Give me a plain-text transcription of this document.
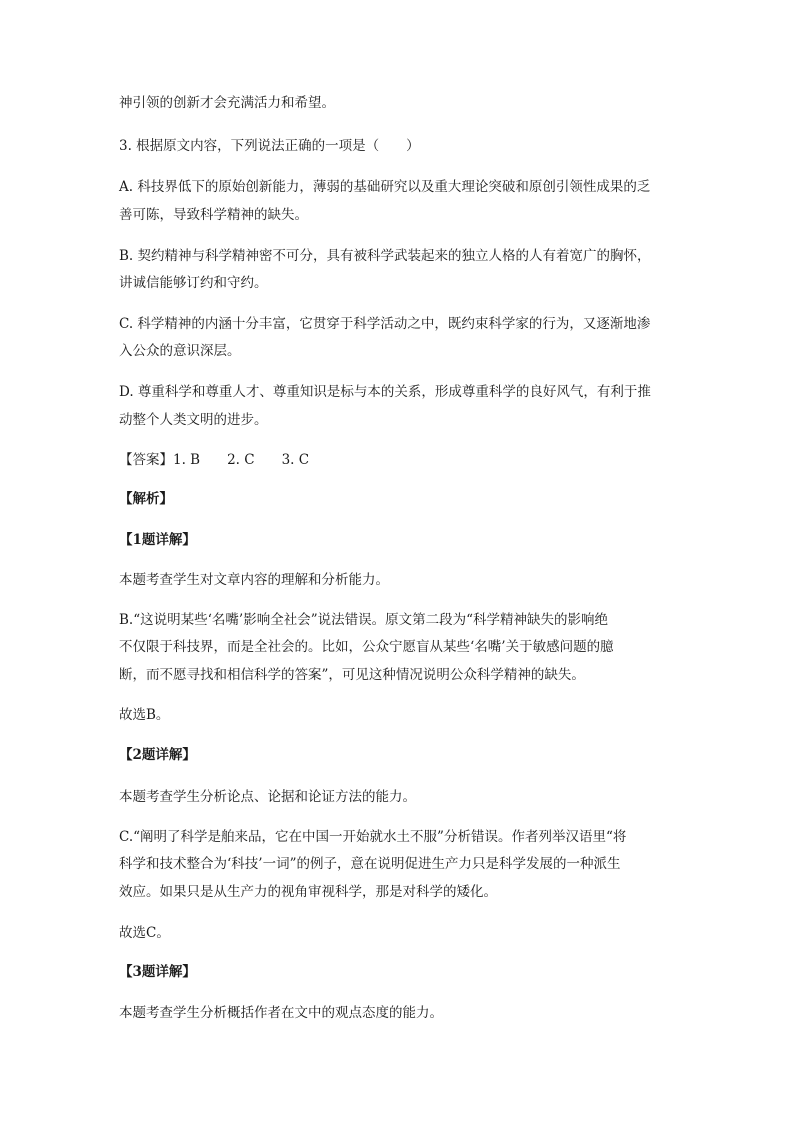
神引领的创新才会充满活力和希望。
3. 根据原文内容，下列说法正确的一项是（　　）
A. 科技界低下的原始创新能力，薄弱的基础研究以及重大理论突破和原创引领性成果的乏
善可陈，导致科学精神的缺失。
B. 契约精神与科学精神密不可分，具有被科学武装起来的独立人格的人有着宽广的胸怀，
讲诚信能够订约和守约。
C. 科学精神的内涵十分丰富，它贯穿于科学活动之中，既约束科学家的行为，又逐渐地渗
入公众的意识深层。
D. 尊重科学和尊重人才、尊重知识是标与本的关系，形成尊重科学的良好风气，有利于推
动整个人类文明的进步。
【答案】1. B　　2. C　　3. C
【解析】
【1题详解】
本题考查学生对文章内容的理解和分析能力。
B.“这说明某些‘名嘴’影响全社会”说法错误。原文第二段为“科学精神缺失的影响绝
不仅限于科技界，而是全社会的。比如，公众宁愿盲从某些‘名嘴’关于敏感问题的臆
断，而不愿寻找和相信科学的答案”，可见这种情况说明公众科学精神的缺失。
故选B。
【2题详解】
本题考查学生分析论点、论据和论证方法的能力。
C.“阐明了科学是舶来品，它在中国一开始就水土不服”分析错误。作者列举汉语里“将
科学和技术整合为‘科技’一词”的例子，意在说明促进生产力只是科学发展的一种派生
效应。如果只是从生产力的视角审视科学，那是对科学的矮化。
故选C。
【3题详解】
本题考查学生分析概括作者在文中的观点态度的能力。
